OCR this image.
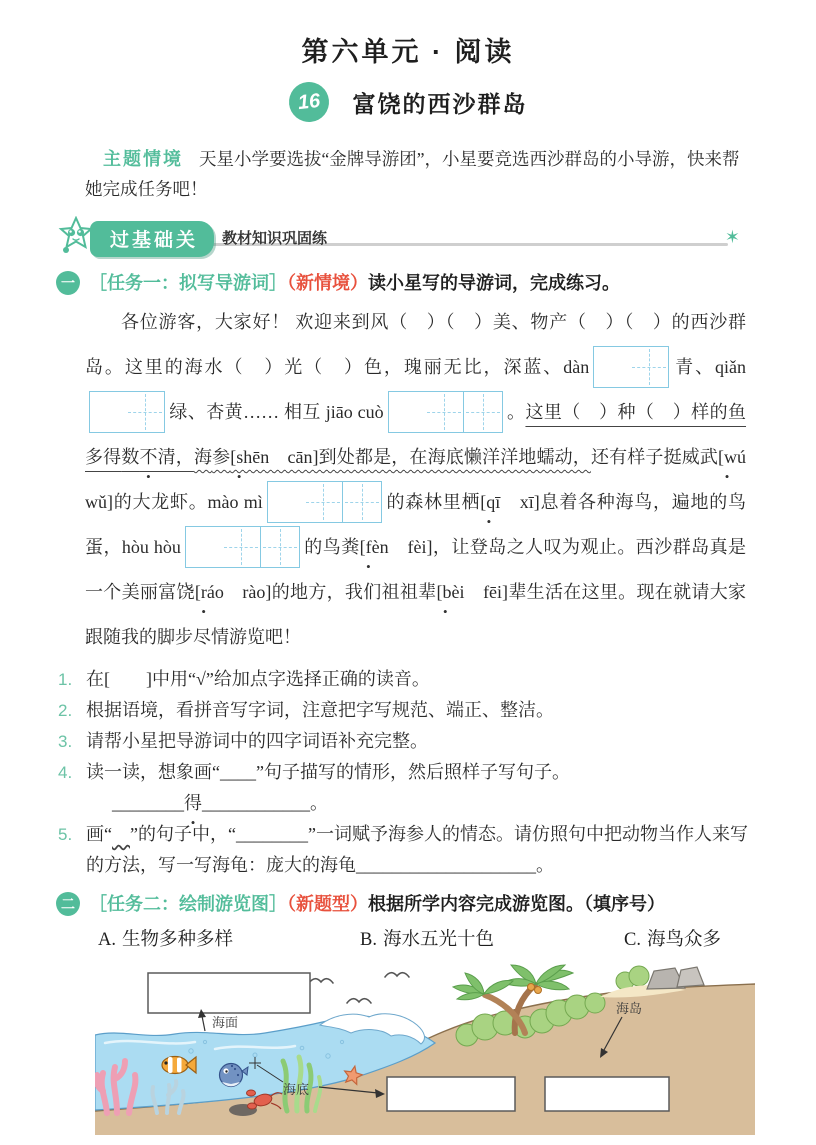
第六单元 · 阅读
16	富饶的西沙群岛

主题情境 天星小学要选拔“金牌导游团”，小星要竞选西沙群岛的小导游，快来帮她完成任务吧！

✶
过基础关	教材知识巩固练
一 ［任务一：拟写导游词］（新情境）读小星写的导游词，完成练习。

各位游客，大家好！ 欢迎来到风（　）（　）美、物产（　）（　）的西沙群岛。这里的海水（　）光（　）色，瑰丽无比，深蓝、dàn	青、qiǎn绿、杏黄…… 相互 jiāo cuò	。这里（　）种（　）样的鱼多得数不清，海参[shēn　cān]到处都是，在海底懒洋洋地蠕动，还有样子挺威武[wú　wǔ]的大龙虾。mào mì	的森林里栖[qī　xī]息着各种海鸟，遍地的鸟蛋，hòu hòu	的鸟粪[fèn　fèi]，让登岛之人叹为观止。西沙群岛真是一个美丽富饶[ráo　rào]的地方，我们祖祖辈[bèi　fēi]辈生活在这里。现在就请大家跟随我的脚步尽情游览吧！

1. 在[　　]中用“√”给加点字选择正确的读音。
2. 根据语境，看拼音写字词，注意把字写规范、端正、整洁。
3. 请帮小星把导游词中的四字词语补充完整。
4. 读一读，想象画“____”句子描写的情形，然后照样子写句子。
________得____________。
5. 画“　 ”的句子中，“________”一词赋予海参人的情态。请仿照句中把动物当作人来写的方法，写一写海龟：庞大的海龟____________________。
二 ［任务二：绘制游览图］（新题型）根据所学内容完成游览图。（填序号）
A. 生物多种多样	B. 海水五光十色	C. 海鸟众多
海面
海底
海岛
